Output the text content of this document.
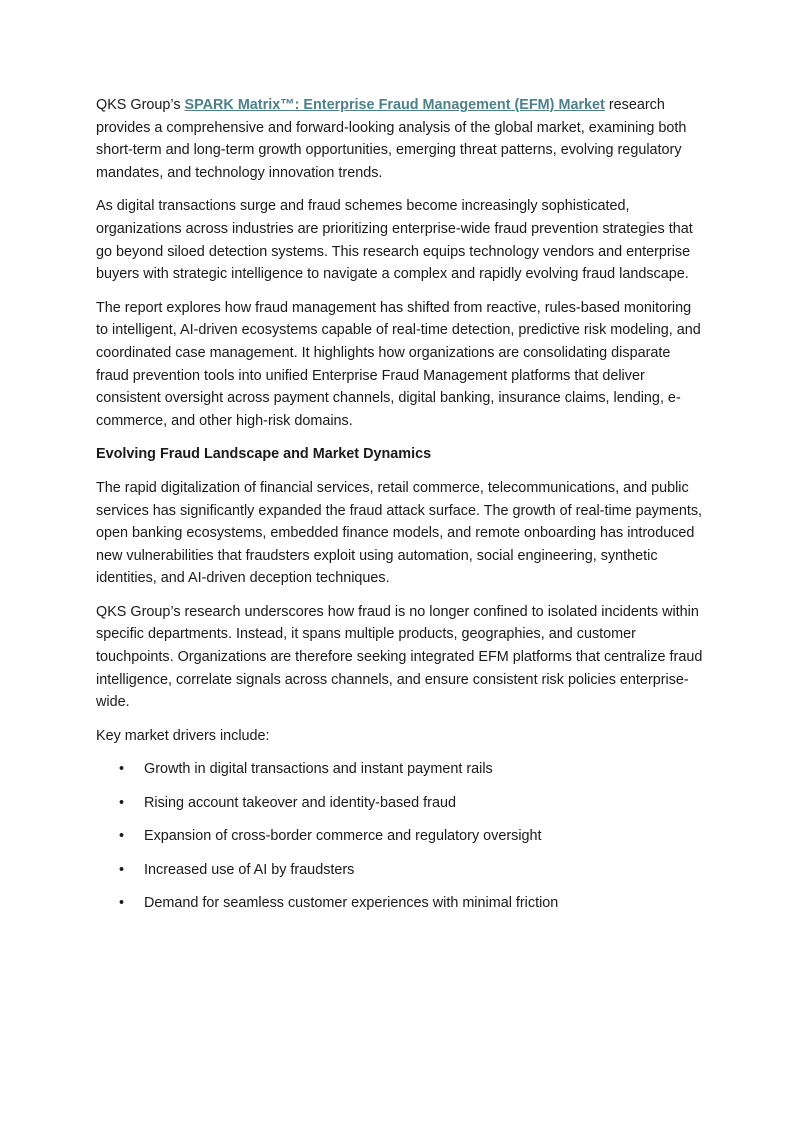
QKS Group’s SPARK Matrix™: Enterprise Fraud Management (EFM) Market research provides a comprehensive and forward-looking analysis of the global market, examining both short-term and long-term growth opportunities, emerging threat patterns, evolving regulatory mandates, and technology innovation trends.

As digital transactions surge and fraud schemes become increasingly sophisticated, organizations across industries are prioritizing enterprise-wide fraud prevention strategies that go beyond siloed detection systems. This research equips technology vendors and enterprise buyers with strategic intelligence to navigate a complex and rapidly evolving fraud landscape.

The report explores how fraud management has shifted from reactive, rules-based monitoring to intelligent, AI-driven ecosystems capable of real-time detection, predictive risk modeling, and coordinated case management. It highlights how organizations are consolidating disparate fraud prevention tools into unified Enterprise Fraud Management platforms that deliver consistent oversight across payment channels, digital banking, insurance claims, lending, e-commerce, and other high-risk domains.

Evolving Fraud Landscape and Market Dynamics

The rapid digitalization of financial services, retail commerce, telecommunications, and public services has significantly expanded the fraud attack surface. The growth of real-time payments, open banking ecosystems, embedded finance models, and remote onboarding has introduced new vulnerabilities that fraudsters exploit using automation, social engineering, synthetic identities, and AI-driven deception techniques.

QKS Group’s research underscores how fraud is no longer confined to isolated incidents within specific departments. Instead, it spans multiple products, geographies, and customer touchpoints. Organizations are therefore seeking integrated EFM platforms that centralize fraud intelligence, correlate signals across channels, and ensure consistent risk policies enterprise-wide.

Key market drivers include:

• Growth in digital transactions and instant payment rails
• Rising account takeover and identity-based fraud
• Expansion of cross-border commerce and regulatory oversight
• Increased use of AI by fraudsters
• Demand for seamless customer experiences with minimal friction
